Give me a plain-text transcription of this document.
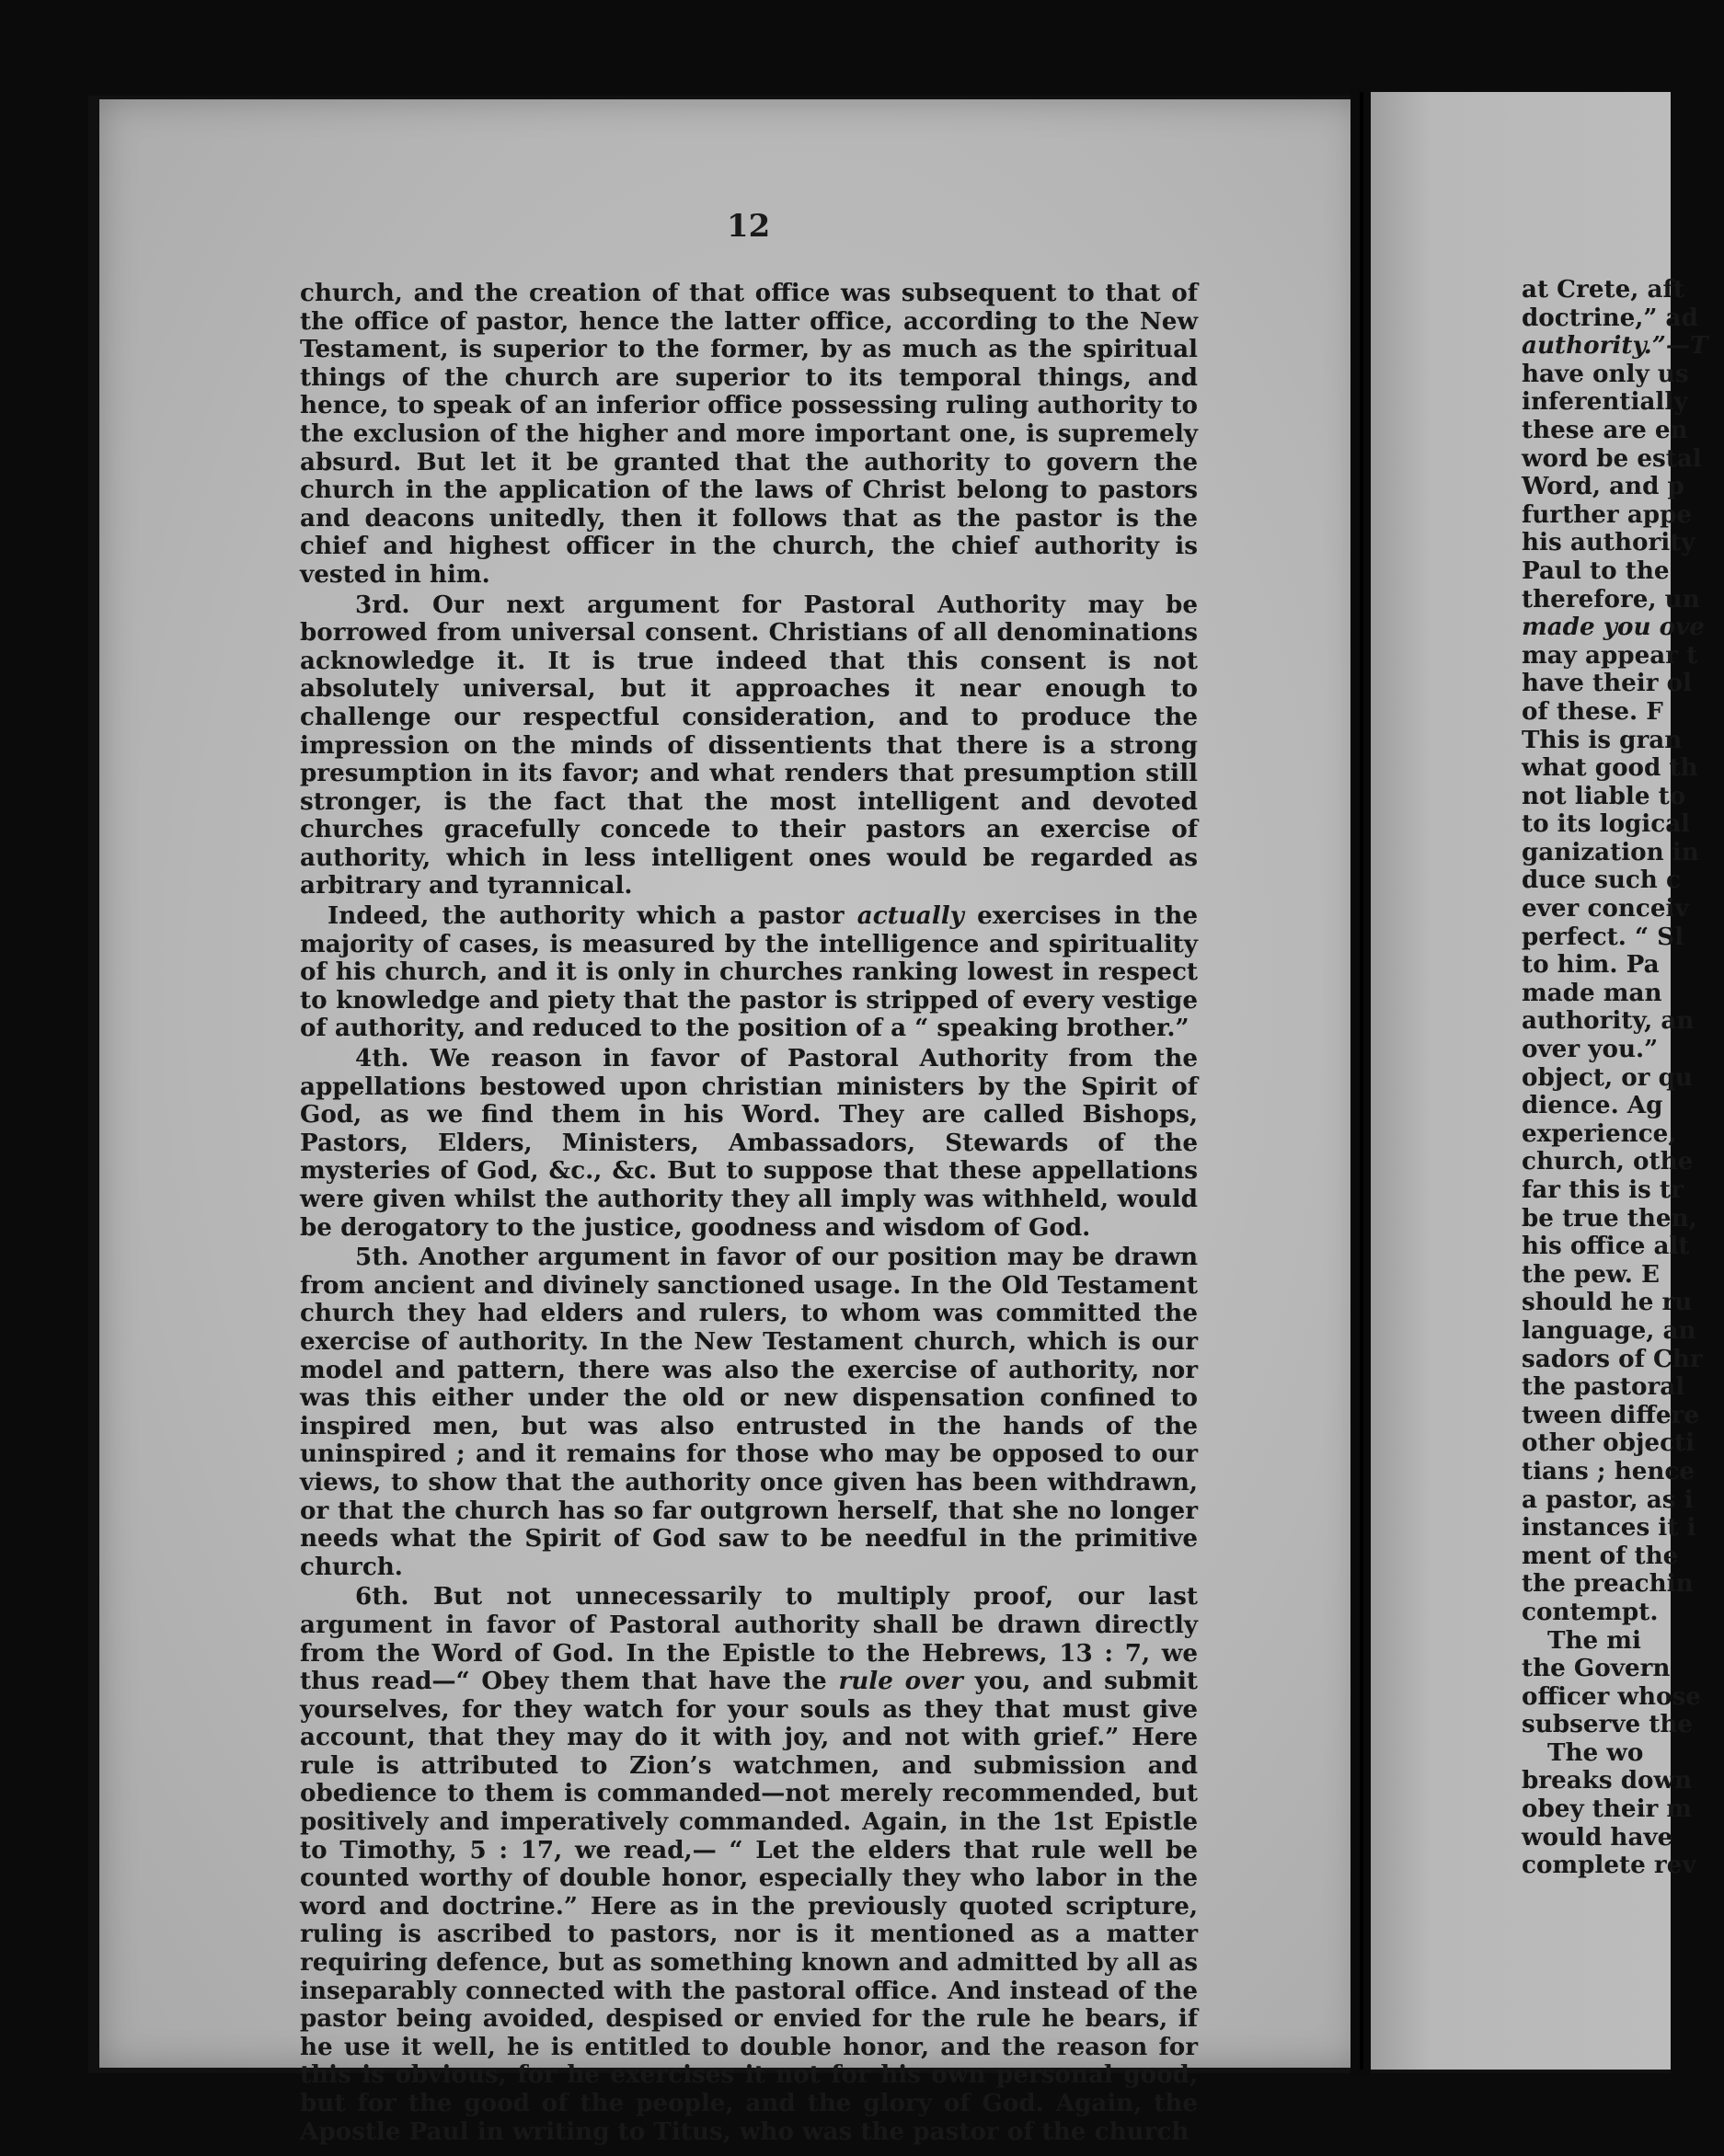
at Crete, aft
doctrine,” ad
authority.”—T
have only us
inferentially
these are en
word be estal
Word, and p
further appe
his authority
Paul to the
therefore, un
made you ove
may appear t
have their ol
of these. F
This is gran
what good th
not liable to
to its logical
ganization in
duce such c
ever conceiv
perfect. “ Sl
to him. Pa
made man
authority, an
over you.”
object, or qu
dience. Ag
experience,
church, othe
far this is tr
be true then,
his office alt
the pew. E
should he ru
language, an
sadors of Chr
the pastoral
tween differe
other objecti
tians ; hence
a pastor, as i
instances it i
ment of the
the preachin
contempt.
The mi
the Govern
officer whose
subserve the
The wo
breaks down
obey their m
would have
complete rev
12

church, and the creation of that office was subsequent to that of the office of pastor, hence the latter office, according to the New Testament, is superior to the former, by as much as the spiritual things of the church are superior to its temporal things, and hence, to speak of an inferior office possessing ruling authority to the exclusion of the higher and more important one, is supremely absurd. But let it be granted that the authority to govern the church in the application of the laws of Christ belong to pastors and deacons unitedly, then it follows that as the pastor is the chief and highest officer in the church, the chief authority is vested in him.

3rd. Our next argument for Pastoral Authority may be borrowed from universal consent. Christians of all denominations acknowledge it. It is true indeed that this consent is not absolutely universal, but it approaches it near enough to challenge our respectful consideration, and to produce the impression on the minds of dissentients that there is a strong presumption in its favor; and what renders that presumption still stronger, is the fact that the most intelligent and devoted churches gracefully concede to their pastors an exercise of authority, which in less intelligent ones would be regarded as arbitrary and tyrannical.

Indeed, the authority which a pastor actually exercises in the majority of cases, is measured by the intelligence and spirituality of his church, and it is only in churches ranking lowest in respect to knowledge and piety that the pastor is stripped of every vestige of authority, and reduced to the position of a “ speaking brother.”

4th. We reason in favor of Pastoral Authority from the appellations bestowed upon christian ministers by the Spirit of God, as we find them in his Word. They are called Bishops, Pastors, Elders, Ministers, Ambassadors, Stewards of the mysteries of God, &c., &c. But to suppose that these appellations were given whilst the authority they all imply was withheld, would be derogatory to the justice, goodness and wisdom of God.

5th. Another argument in favor of our position may be drawn from ancient and divinely sanctioned usage. In the Old Testament church they had elders and rulers, to whom was committed the exercise of authority. In the New Testament church, which is our model and pattern, there was also the exercise of authority, nor was this either under the old or new dispensation confined to inspired men, but was also entrusted in the hands of the uninspired ; and it remains for those who may be opposed to our views, to show that the authority once given has been withdrawn, or that the church has so far outgrown herself, that she no longer needs what the Spirit of God saw to be needful in the primitive church.

6th. But not unnecessarily to multiply proof, our last argument in favor of Pastoral authority shall be drawn directly from the Word of God. In the Epistle to the Hebrews, 13 : 7, we thus read—“ Obey them that have the rule over you, and submit yourselves, for they watch for your souls as they that must give account, that they may do it with joy, and not with grief.” Here rule is attributed to Zion’s watchmen, and submission and obedience to them is commanded—not merely recommended, but positively and imperatively commanded. Again, in the 1st Epistle to Timothy, 5 : 17, we read,— “ Let the elders that rule well be counted worthy of double honor, especially they who labor in the word and doctrine.” Here as in the previously quoted scripture, ruling is ascribed to pastors, nor is it mentioned as a matter requiring defence, but as something known and admitted by all as inseparably connected with the pastoral office. And instead of the pastor being avoided, despised or envied for the rule he bears, if he use it well, he is entitled to double honor, and the reason for this is obvious, for he exercises it not for his own personal good, but for the good of the people, and the glory of God. Again, the Apostle Paul in writing to Titus, who was the pastor of the church
